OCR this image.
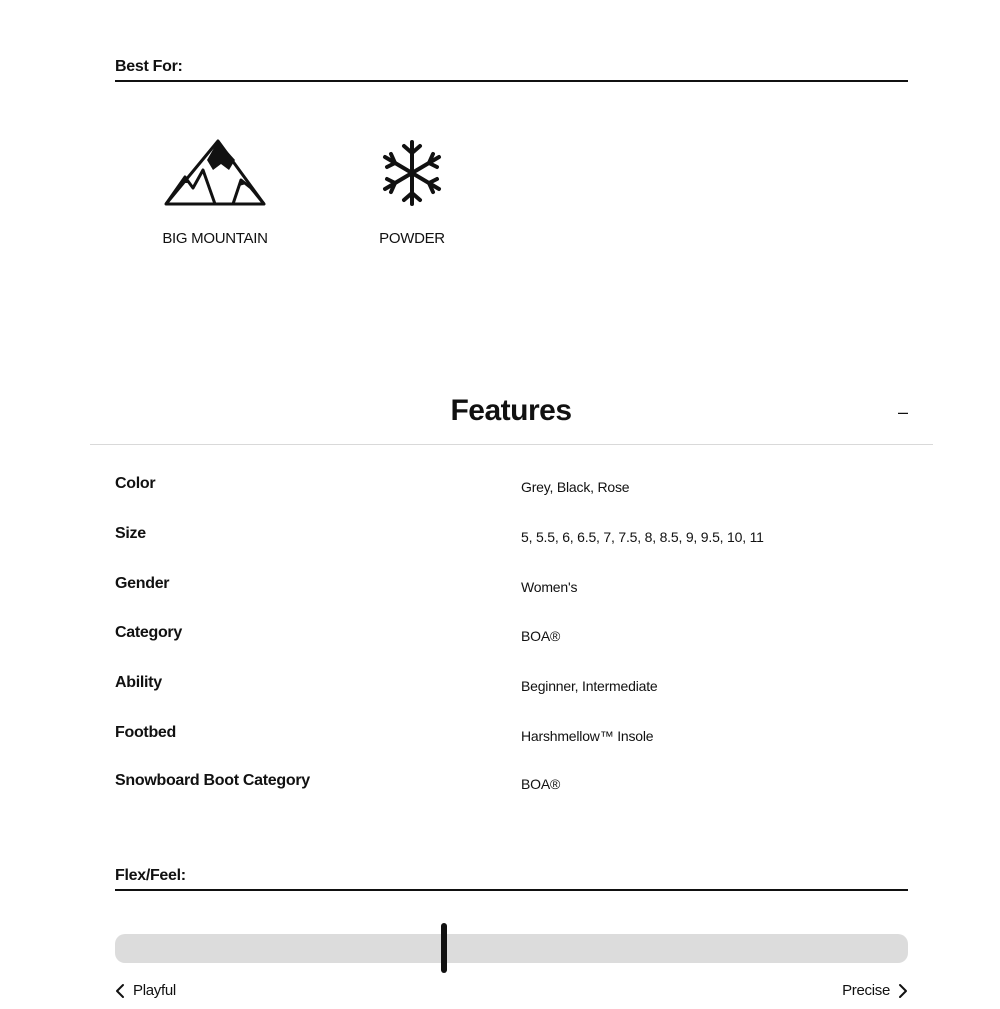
Best For:
BIG MOUNTAIN	POWDER
Features	–
Color	Grey, Black, Rose
Size	5, 5.5, 6, 6.5, 7, 7.5, 8, 8.5, 9, 9.5, 10, 11
Gender	Women's
Category	BOA®
Ability	Beginner, Intermediate
Footbed	Harshmellow™ Insole
Snowboard Boot Category	BOA®
Flex/Feel:
Playful	Precise
